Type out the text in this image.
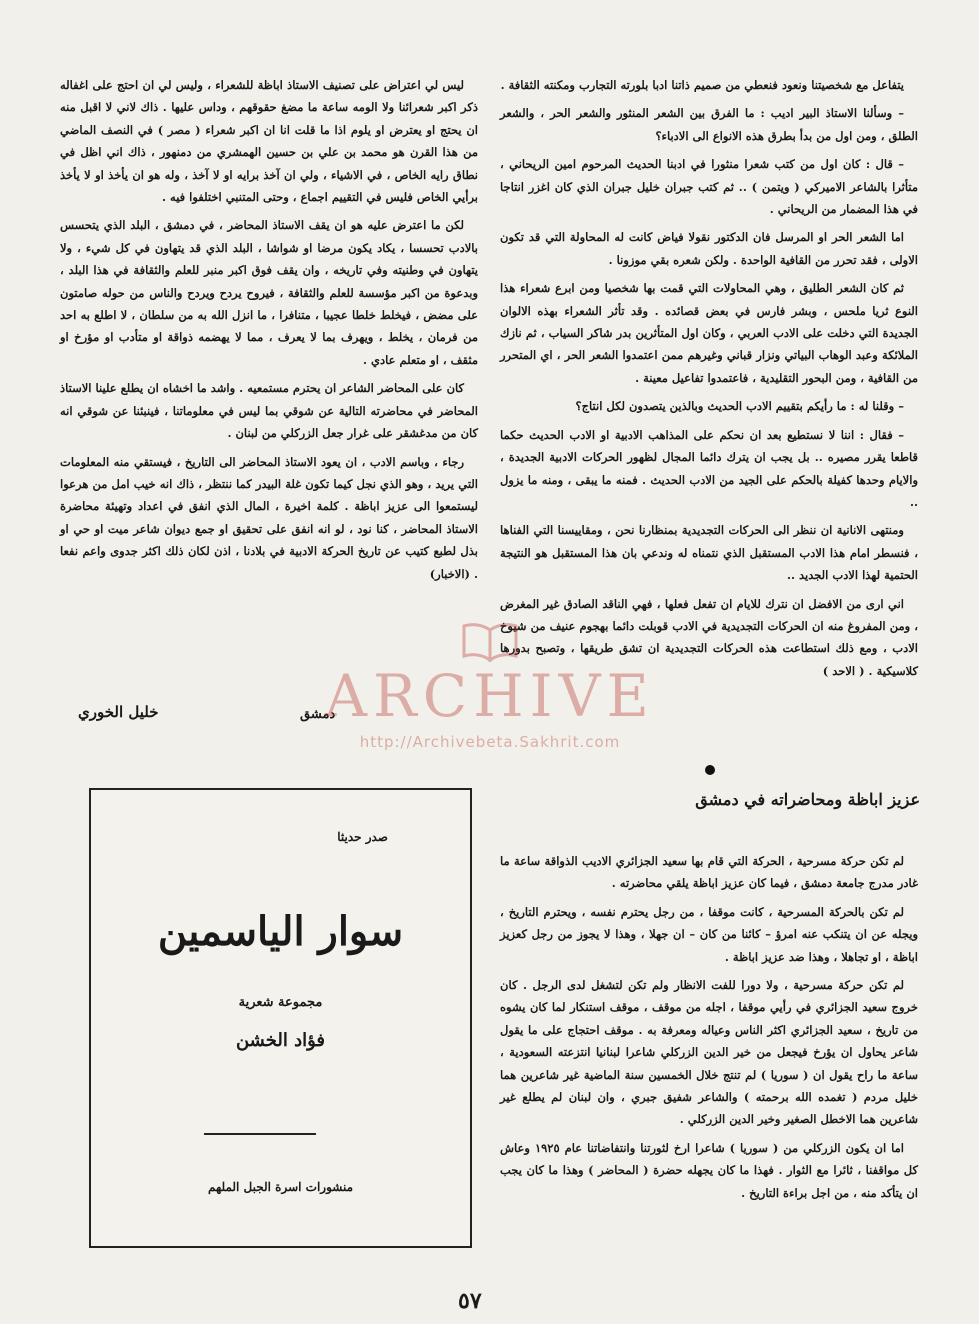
يتفاعل مع شخصيتنا ونعود فنعطي من صميم ذاتنا ادبا بلورته التجارب ومكنته الثقافة .

– وسألنا الاستاذ البير اديب : ما الفرق بين الشعر المنثور والشعر الحر ، والشعر الطلق ، ومن اول من بدأ بطرق هذه الانواع الى الادباء؟

– قال : كان اول من كتب شعرا منثورا في ادبنا الحديث المرحوم امين الريحاني ، متأثرا بالشاعر الاميركي ( ويتمن ) .. ثم كتب جبران خليل جبران الذي كان اغزر انتاجا في هذا المضمار من الريحاني .

اما الشعر الحر او المرسل فان الدكتور نقولا فياض كانت له المحاولة التي قد تكون الاولى ، فقد تحرر من القافية الواحدة . ولكن شعره بقي موزونا .

ثم كان الشعر الطليق ، وهي المحاولات التي قمت بها شخصيا ومن ابرع شعراء هذا النوع ثريا ملحس ، وبشر فارس في بعض قصائده . وقد تأثر الشعراء بهذه الالوان الجديدة التي دخلت على الادب العربي ، وكان اول المتأثرين بدر شاكر السياب ، ثم نازك الملائكة وعبد الوهاب البياتي ونزار قباني وغيرهم ممن اعتمدوا الشعر الحر ، اي المتحرر من القافية ، ومن البحور التقليدية ، فاعتمدوا تفاعيل معينة .

– وقلنا له : ما رأيكم بتقييم الادب الحديث وبالذين يتصدون لكل انتاج؟

– فقال : اننا لا نستطيع بعد ان نحكم على المذاهب الادبية او الادب الحديث حكما قاطعا يقرر مصيره .. بل يجب ان يترك دائما المجال لظهور الحركات الادبية الجديدة ، والايام وحدها كفيلة بالحكم على الجيد من الادب الحديث . فمنه ما يبقى ، ومنه ما يزول ..

ومنتهى الانانية ان ننظر الى الحركات التجديدية بمنظارنا نحن ، ومقاييسنا التي الفناها ، فنسطر امام هذا الادب المستقبل الذي نتمناه له وندعي بان هذا المستقبل هو النتيجة الحتمية لهذا الادب الجديد ..

اني ارى من الافضل ان نترك للايام ان تفعل فعلها ، فهي الناقد الصادق غير المغرض ، ومن المفروغ منه ان الحركات التجديدية في الادب قوبلت دائما بهجوم عنيف من شيوخ الادب ، ومع ذلك استطاعت هذه الحركات التجديدية ان تشق طريقها ، وتصبح بدورها كلاسيكية . ( الاحد )

ليس لي اعتراض على تصنيف الاستاذ اباظة للشعراء ، وليس لي ان احتج على اغفاله ذكر اكبر شعرائنا ولا الومه ساعة ما مضغ حقوقهم ، وداس عليها . ذاك لاني لا اقبل منه ان يحتج او يعترض او يلوم اذا ما قلت انا ان اكبر شعراء ( مصر ) في النصف الماضي من هذا القرن هو محمد بن علي بن حسين الهمشري من دمنهور ، ذاك اني اظل في نطاق رايه الخاص ، في الاشياء ، ولي ان آخذ برايه او لا آخذ ، وله هو ان يأخذ او لا يأخذ برأيي الخاص فليس في التقييم اجماع ، وحتى المتنبي اختلفوا فيه .

لكن ما اعترض عليه هو ان يقف الاستاذ المحاضر ، في دمشق ، البلد الذي يتحسس بالادب تحسسا ، يكاد يكون مرضا او شواشا ، البلد الذي قد يتهاون في كل شيء ، ولا يتهاون في وطنيته وفي تاريخه ، وان يقف فوق اكبر منبر للعلم والثقافة في هذا البلد ، وبدعوة من اكبر مؤسسة للعلم والثقافة ، فيروح يردح ويردح والناس من حوله صامتون على مضض ، فيخلط خلطا عجيبا ، متنافرا ، ما انزل الله به من سلطان ، لا اطلع به احد من فرمان ، يخلط ، ويهرف بما لا يعرف ، مما لا يهضمه ذواقة او متأدب او مؤرخ او مثقف ، او متعلم عادي .

كان على المحاضر الشاعر ان يحترم مستمعيه . واشد ما اخشاه ان يطلع علينا الاستاذ المحاضر في محاضرته التالية عن شوقي بما ليس في معلوماتنا ، فينبئنا عن شوقي انه كان من مدغشقر على غرار جعل الزركلي من لبنان .

رجاء ، وباسم الادب ، ان يعود الاستاذ المحاضر الى التاريخ ، فيستقي منه المعلومات التي يريد ، وهو الذي نجل كيما تكون غلة البيدر كما ننتظر ، ذاك انه خيب امل من هرعوا ليستمعوا الى عزيز اباظة . كلمة اخيرة ، المال الذي انفق في اعداد وتهيئة محاضرة الاستاذ المحاضر ، كنا نود ، لو انه انفق على تحقيق او جمع ديوان شاعر ميت او حي او بذل لطبع كتيب عن تاريخ الحركة الادبية في بلادنا ، اذن لكان ذلك اكثر جدوى واعم نفعا . (الاخبار)

خليل الخوري	دمشق
عزيز اباظة ومحاضراته في دمشق

لم تكن حركة مسرحية ، الحركة التي قام بها سعيد الجزائري الاديب الذواقة ساعة ما غادر مدرج جامعة دمشق ، فيما كان عزيز اباظة يلقي محاضرته .

لم تكن بالحركة المسرحية ، كانت موقفا ، من رجل يحترم نفسه ، ويحترم التاريخ ، ويجله عن ان يتنكب عنه امرؤ – كائنا من كان – ان جهلا ، وهذا لا يجوز من رجل كعزيز اباظة ، او تجاهلا ، وهذا ضد عزيز اباظة .

لم تكن حركة مسرحية ، ولا دورا للفت الانظار ولم تكن لتشغل لدى الرجل . كان خروج سعيد الجزائري في رأيي موقفا ، اجله من موقف ، موقف استنكار لما كان يشوه من تاريخ ، سعيد الجزائري اكثر الناس وعياله ومعرفة به . موقف احتجاج على ما يقول شاعر يحاول ان يؤرخ فيجعل من خير الدين الزركلي شاعرا لبنانيا انتزعته السعودية ، ساعة ما راح يقول ان ( سوريا ) لم تنتج خلال الخمسين سنة الماضية غير شاعرين هما خليل مردم ( تغمده الله برحمته ) والشاعر شفيق جبري ، وان لبنان لم يطلع غير شاعرين هما الاخطل الصغير وخير الدين الزركلي .

اما ان يكون الزركلي من ( سوريا ) شاعرا ارخ لثورتنا وانتفاضاتنا عام ١٩٢٥ وعاش كل مواقفنا ، ثائرا مع الثوار . فهذا ما كان يجهله حضرة ( المحاضر ) وهذا ما كان يجب ان يتأكد منه ، من اجل براءة التاريخ .

صدر حديثا
سوار الياسمين
مجموعة شعرية
فؤاد الخشن
منشورات اسرة الجبل الملهم
٥٧
ARCHIVE
http://Archivebeta.Sakhrit.com
